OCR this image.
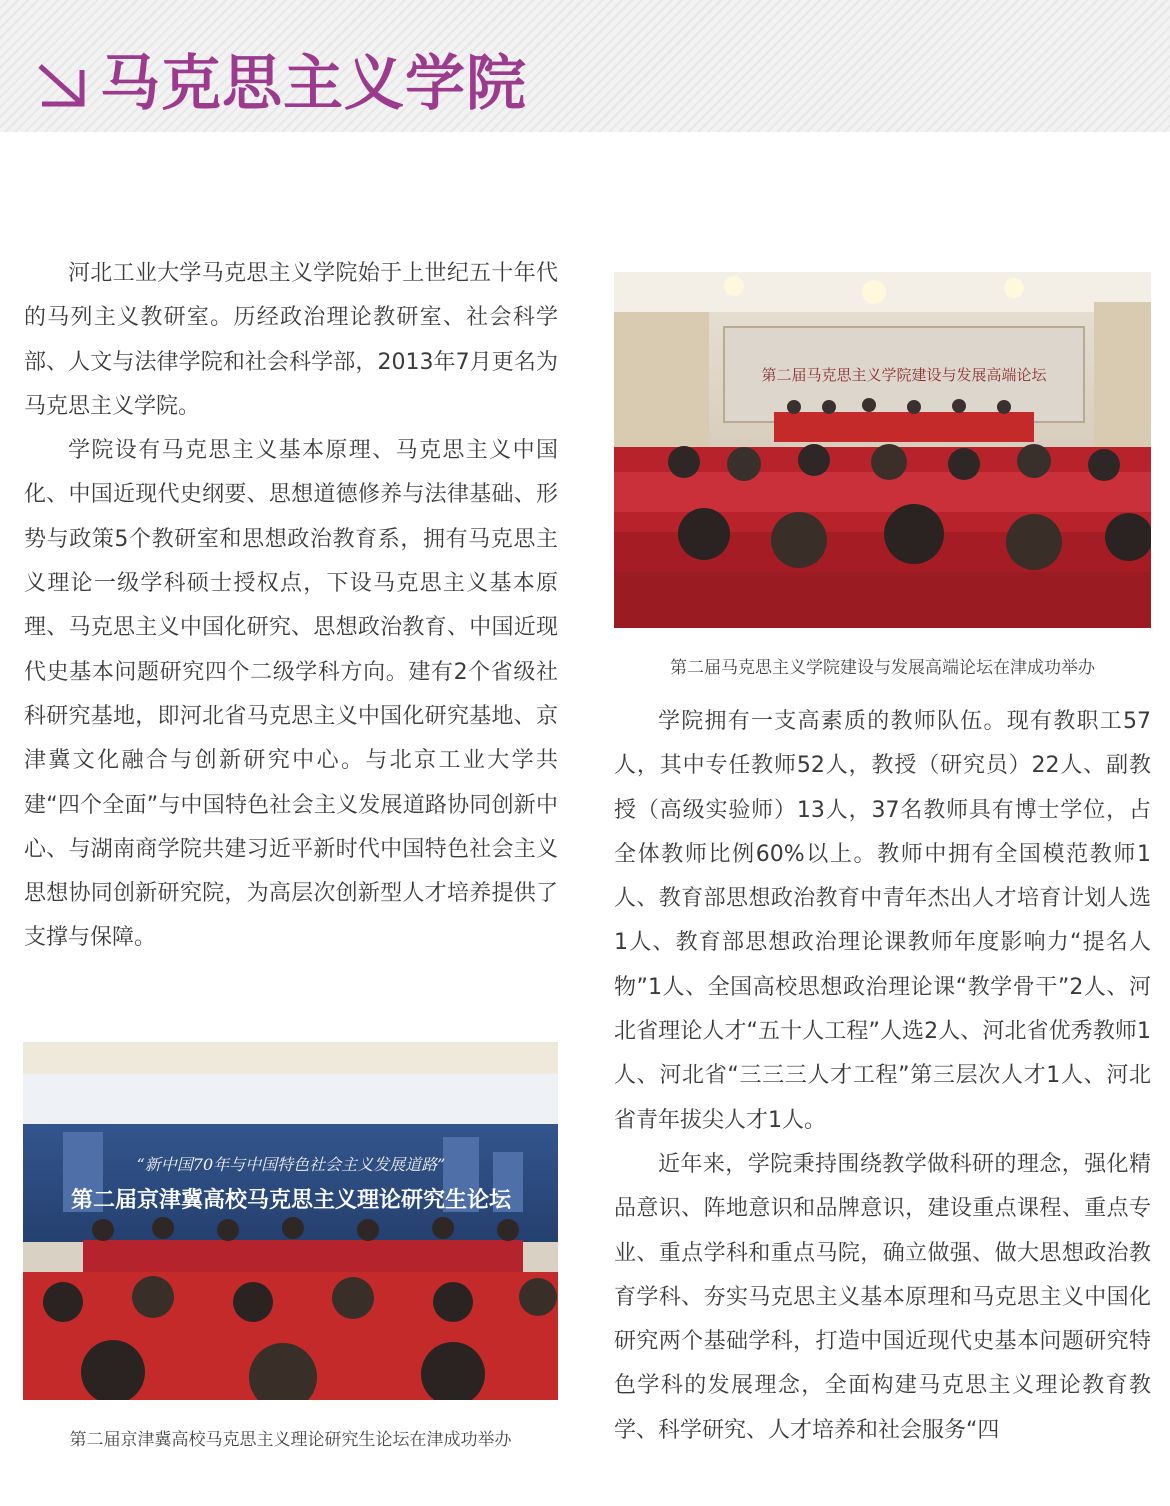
马克思主义学院

河北工业大学马克思主义学院始于上世纪五十年代的马列主义教研室。历经政治理论教研室、社会科学部、人文与法律学院和社会科学部，2013年7月更名为马克思主义学院。

学院设有马克思主义基本原理、马克思主义中国化、中国近现代史纲要、思想道德修养与法律基础、形势与政策5个教研室和思想政治教育系，拥有马克思主义理论一级学科硕士授权点，下设马克思主义基本原理、马克思主义中国化研究、思想政治教育、中国近现代史基本问题研究四个二级学科方向。建有2个省级社科研究基地，即河北省马克思主义中国化研究基地、京津冀文化融合与创新研究中心。与北京工业大学共建“四个全面”与中国特色社会主义发展道路协同创新中心、与湖南商学院共建习近平新时代中国特色社会主义思想协同创新研究院，为高层次创新型人才培养提供了支撑与保障。

第二届马克思主义学院建设与发展高端论坛
第二届马克思主义学院建设与发展高端论坛在津成功举办

学院拥有一支高素质的教师队伍。现有教职工57人，其中专任教师52人，教授（研究员）22人、副教授（高级实验师）13人，37名教师具有博士学位，占全体教师比例60%以上。教师中拥有全国模范教师1人、教育部思想政治教育中青年杰出人才培育计划人选1人、教育部思想政治理论课教师年度影响力“提名人物”1人、全国高校思想政治理论课“教学骨干”2人、河北省理论人才“五十人工程”人选2人、河北省优秀教师1人、河北省“三三三人才工程”第三层次人才1人、河北省青年拔尖人才1人。

近年来，学院秉持围绕教学做科研的理念，强化精品意识、阵地意识和品牌意识，建设重点课程、重点专业、重点学科和重点马院，确立做强、做大思想政治教育学科、夯实马克思主义基本原理和马克思主义中国化研究两个基础学科，打造中国近现代史基本问题研究特色学科的发展理念，全面构建马克思主义理论教育教学、科学研究、人才培养和社会服务“四

“新中国70年与中国特色社会主义发展道路”
第二届京津冀高校马克思主义理论研究生论坛
第二届京津冀高校马克思主义理论研究生论坛在津成功举办
